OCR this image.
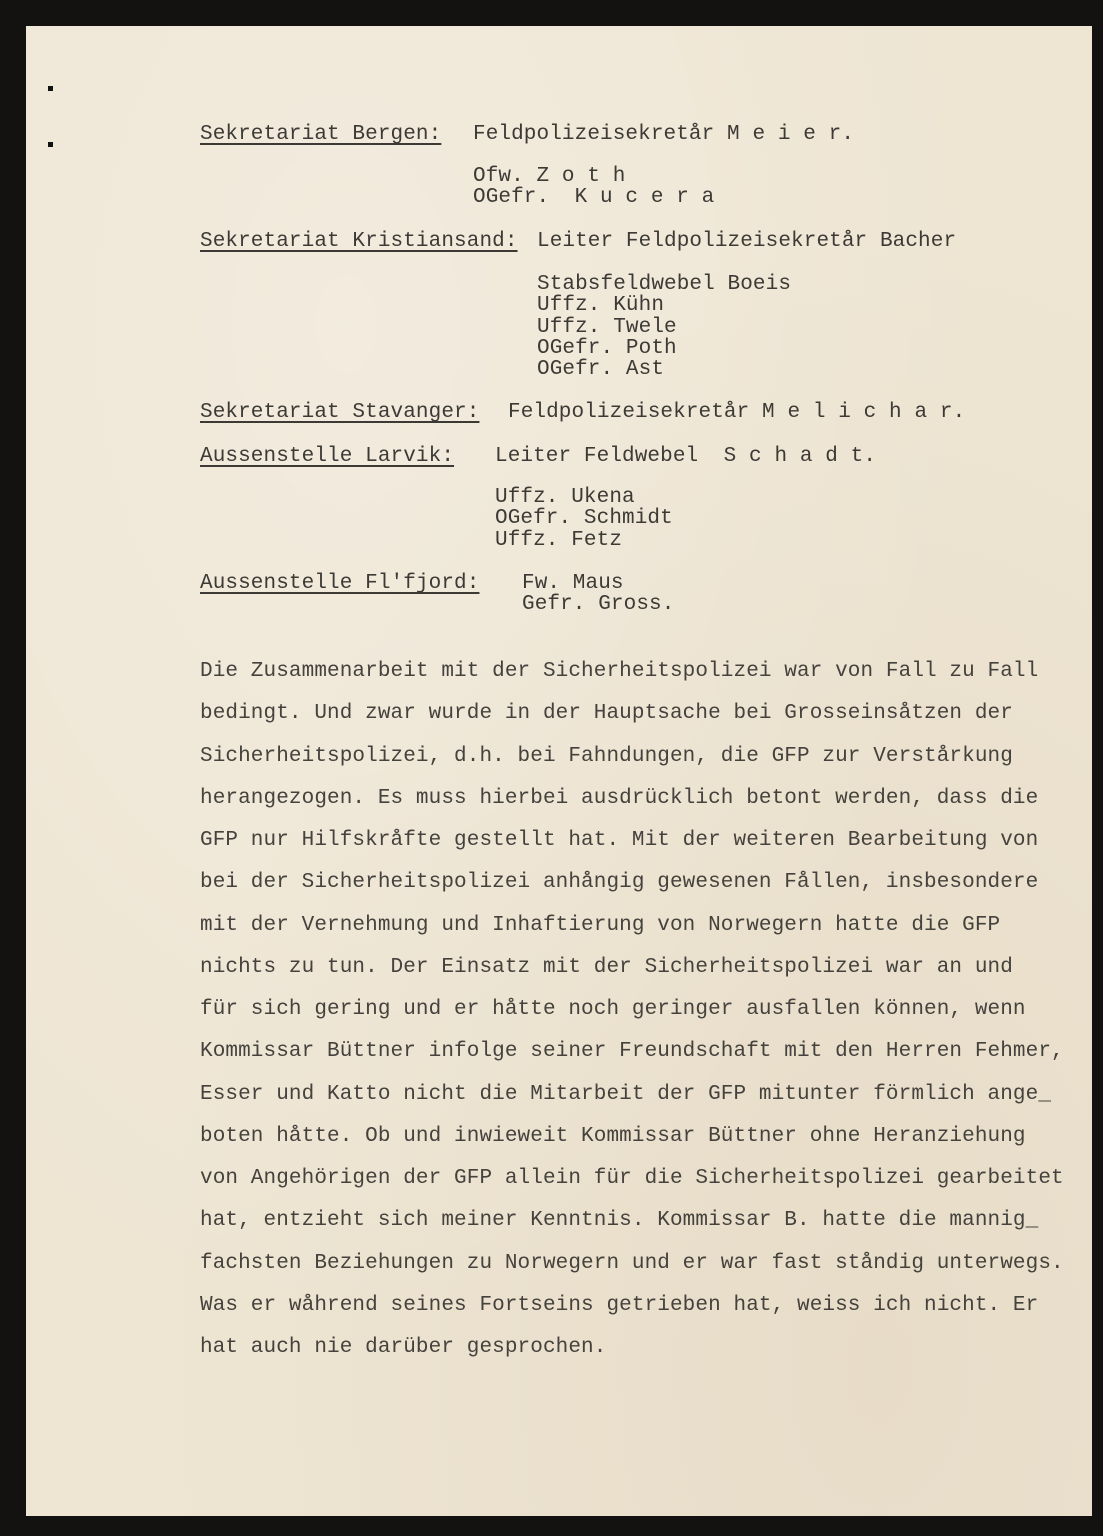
Sekretariat Bergen: Feldpolizeisekretår M e i e r.
Ofw. Z o t h
OGefr.  K u c e r a
Sekretariat Kristiansand: Leiter Feldpolizeisekretår Bacher
Stabsfeldwebel Boeis
Uffz. Kühn
Uffz. Twele
OGefr. Poth
OGefr. Ast
Sekretariat Stavanger: Feldpolizeisekretår M e l i c h a r.
Aussenstelle Larvik: Leiter Feldwebel  S c h a d t.
Uffz. Ukena
OGefr. Schmidt
Uffz. Fetz
Aussenstelle Fl'fjord: Fw. Maus
Gefr. Gross.
Die Zusammenarbeit mit der Sicherheitspolizei war von Fall zu Fall
bedingt. Und zwar wurde in der Hauptsache bei Grosseinsåtzen der
Sicherheitspolizei, d.h. bei Fahndungen, die GFP zur Verstårkung
herangezogen. Es muss hierbei ausdrücklich betont werden, dass die
GFP nur Hilfskråfte gestellt hat. Mit der weiteren Bearbeitung von
bei der Sicherheitspolizei anhångig gewesenen Fållen, insbesondere
mit der Vernehmung und Inhaftierung von Norwegern hatte die GFP
nichts zu tun. Der Einsatz mit der Sicherheitspolizei war an und
für sich gering und er håtte noch geringer ausfallen können, wenn
Kommissar Büttner infolge seiner Freundschaft mit den Herren Fehmer,
Esser und Katto nicht die Mitarbeit der GFP mitunter förmlich ange_
boten håtte. Ob und inwieweit Kommissar Büttner ohne Heranziehung
von Angehörigen der GFP allein für die Sicherheitspolizei gearbeitet
hat, entzieht sich meiner Kenntnis. Kommissar B. hatte die mannig_
fachsten Beziehungen zu Norwegern und er war fast ståndig unterwegs.
Was er wåhrend seines Fortseins getrieben hat, weiss ich nicht. Er
hat auch nie darüber gesprochen.
